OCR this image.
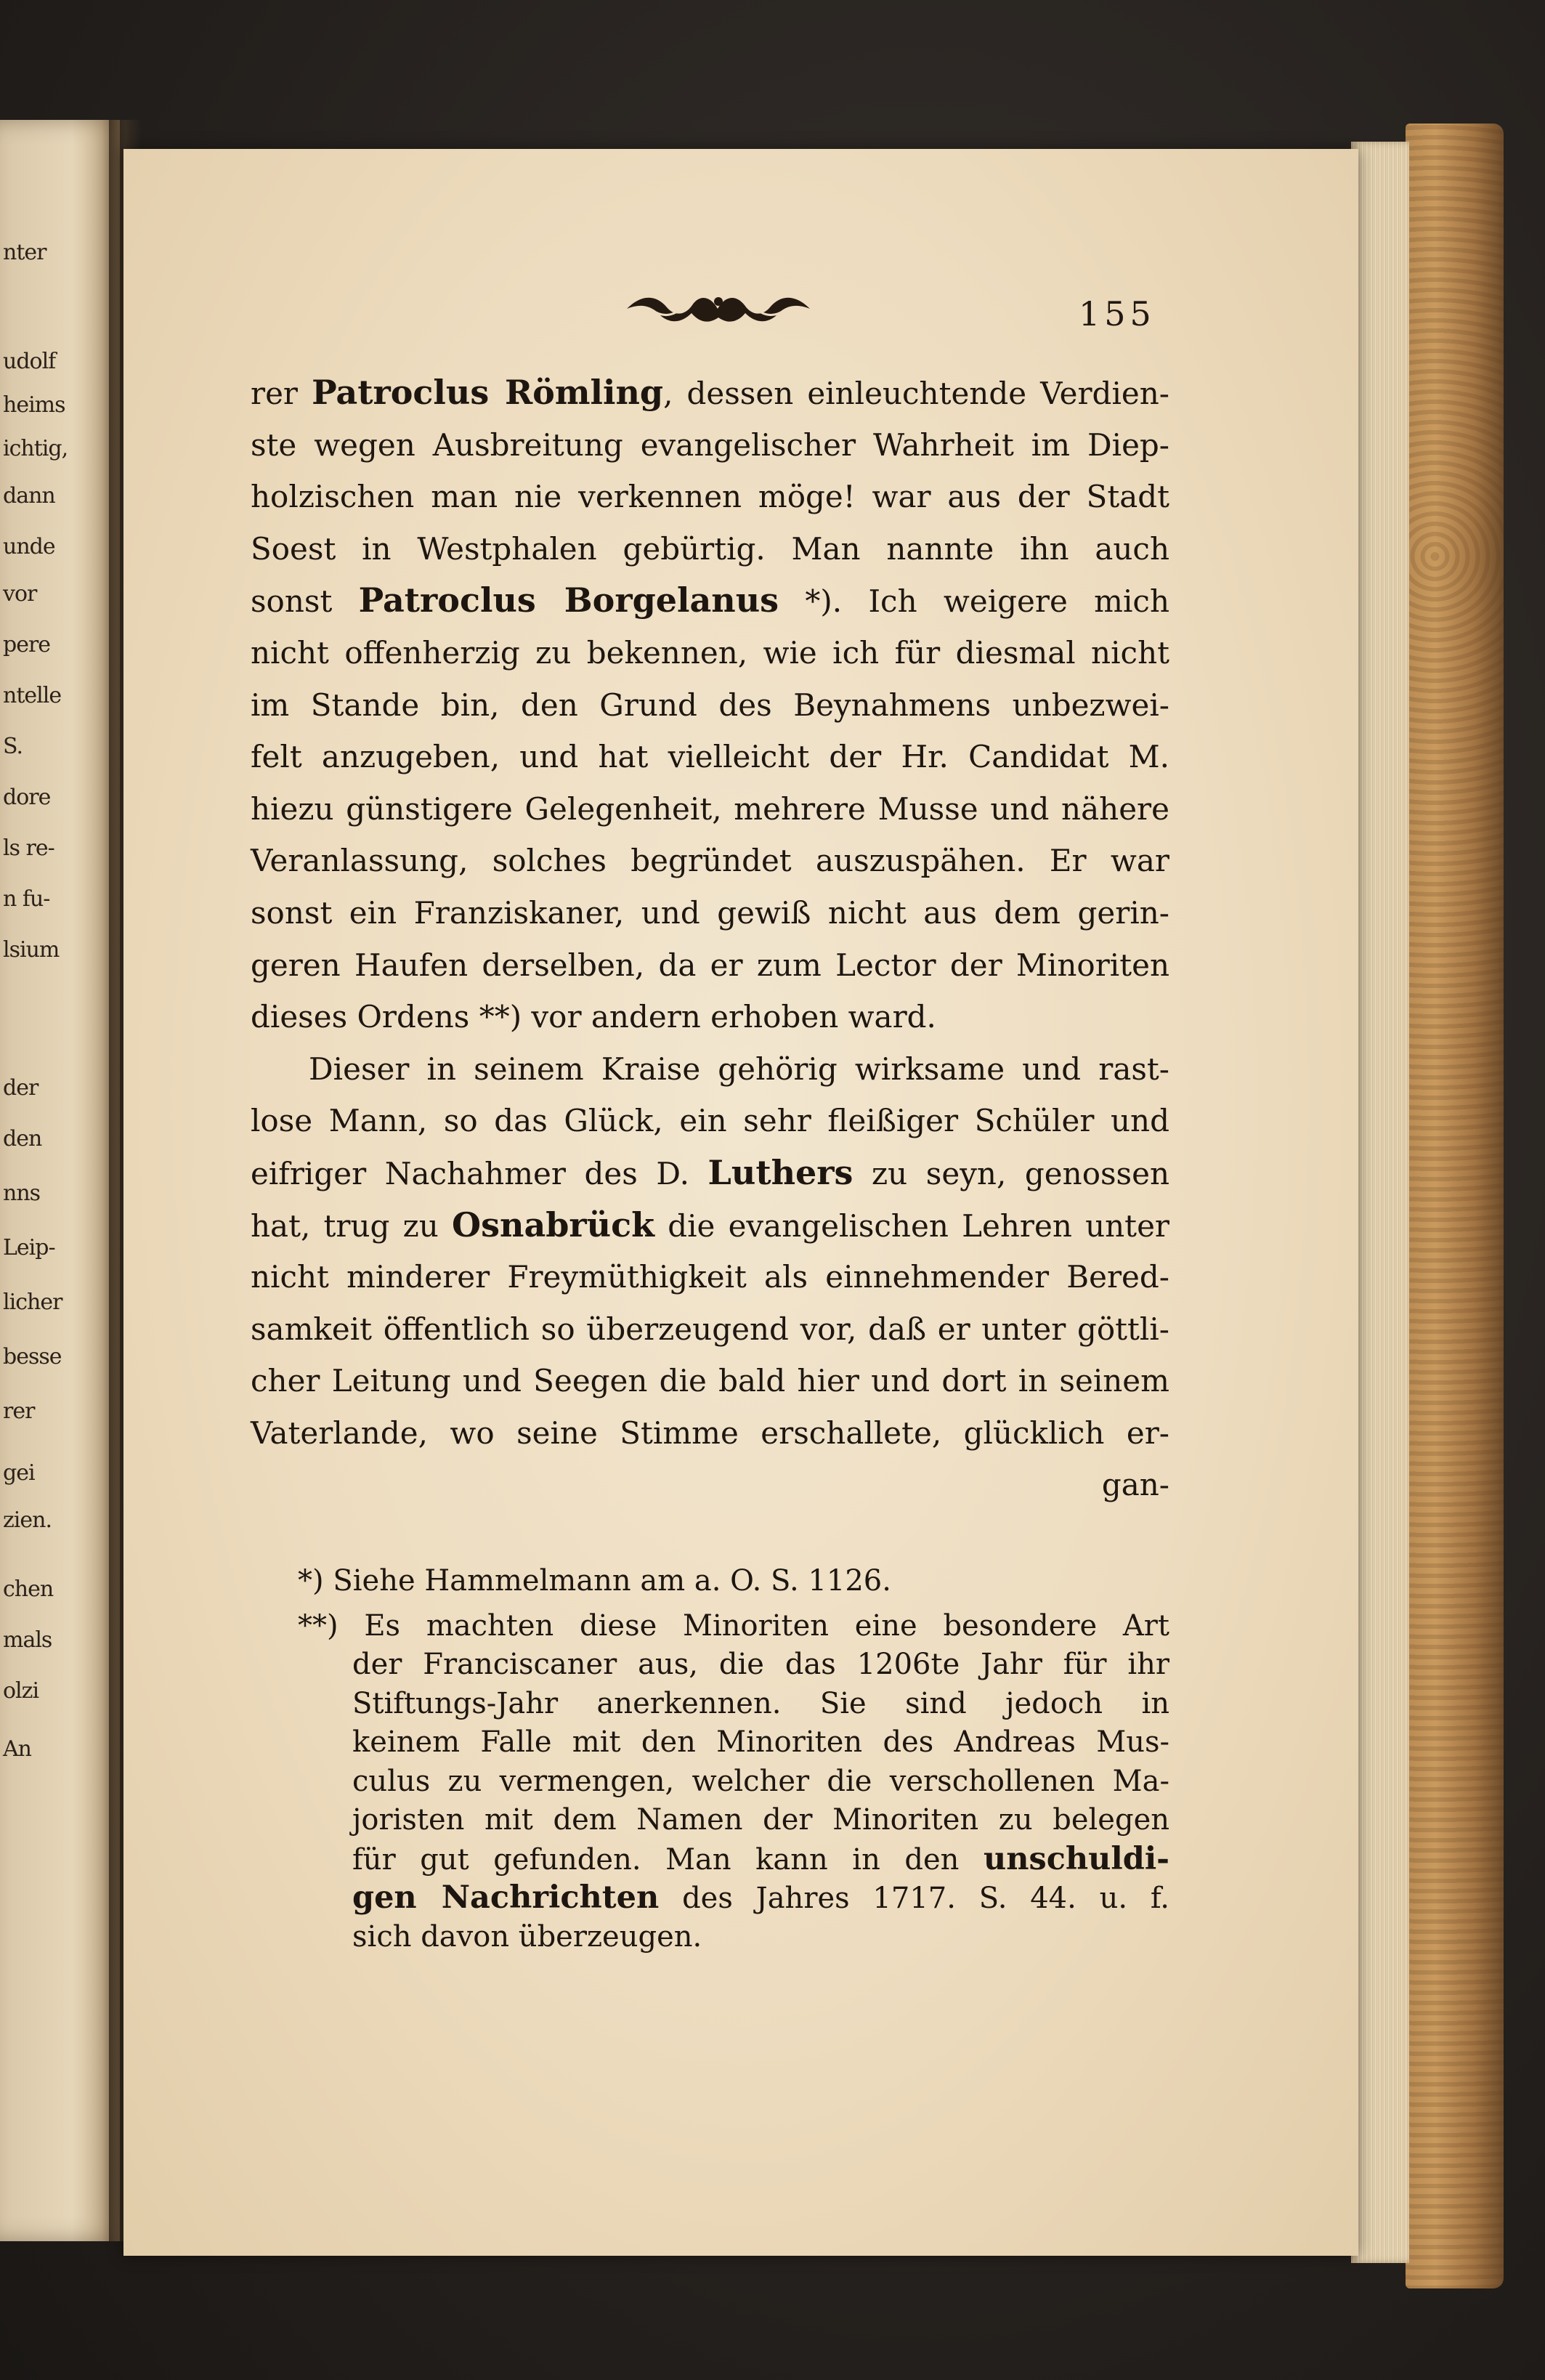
nter
udolf
heims
ichtig,
dann
unde
vor
pere
ntelle
S.
dore
ls re-
n fu-
lsium
der
den
nns
Leip-
licher
besse
rer
gei
zien.
chen
mals
olzi
An
155
rer Patroclus Römling, dessen einleuchtende Verdien-
ste wegen Ausbreitung evangelischer Wahrheit im Diep-
holzischen man nie verkennen möge! war aus der Stadt
Soest in Westphalen gebürtig. Man nannte ihn auch
sonst Patroclus Borgelanus *). Ich weigere mich
nicht offenherzig zu bekennen, wie ich für diesmal nicht
im Stande bin, den Grund des Beynahmens unbezwei-
felt anzugeben, und hat vielleicht der Hr. Candidat M.
hiezu günstigere Gelegenheit, mehrere Musse und nähere
Veranlassung, solches begründet auszuspähen. Er war
sonst ein Franziskaner, und gewiß nicht aus dem gerin-
geren Haufen derselben, da er zum Lector der Minoriten
dieses Ordens **) vor andern erhoben ward.
Dieser in seinem Kraise gehörig wirksame und rast-
lose Mann, so das Glück, ein sehr fleißiger Schüler und
eifriger Nachahmer des D. Luthers zu seyn, genossen
hat, trug zu Osnabrück die evangelischen Lehren unter
nicht minderer Freymüthigkeit als einnehmender Bered-
samkeit öffentlich so überzeugend vor, daß er unter göttli-
cher Leitung und Seegen die bald hier und dort in seinem
Vaterlande, wo seine Stimme erschallete, glücklich er-
gan-
*) Siehe Hammelmann am a. O. S. 1126.
**) Es machten diese Minoriten eine besondere Art
der Franciscaner aus, die das 1206te Jahr für ihr
Stiftungs-Jahr anerkennen. Sie sind jedoch in
keinem Falle mit den Minoriten des Andreas Mus-
culus zu vermengen, welcher die verschollenen Ma-
joristen mit dem Namen der Minoriten zu belegen
für gut gefunden. Man kann in den unschuldi-
gen Nachrichten des Jahres 1717. S. 44. u. f.
sich davon überzeugen.
